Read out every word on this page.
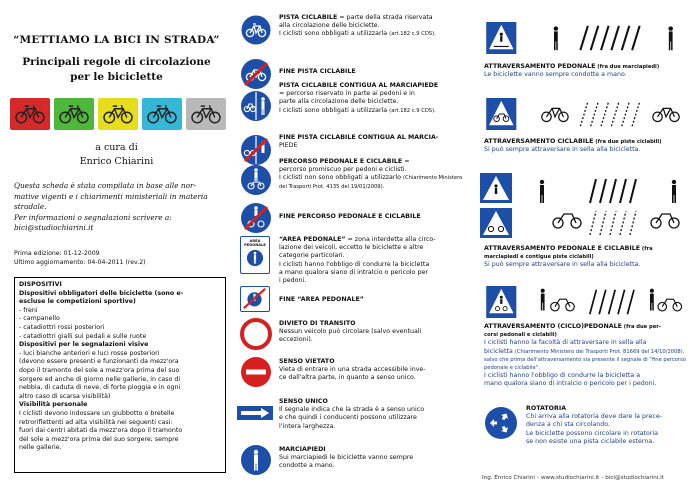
“METTIAMO LA BICI IN STRADA”
Principali regole di circolazione
per le biciclette
a cura di
Enrico Chiarini
Questa scheda è stata compilata in base alle nor-
mative vigenti e i chiarimenti ministeriali in materia
stradale.
Per informazioni o segnalazioni scrivere a:
bici@studiochiarini.it
Prima edizione: 01-12-2009
Ultimo aggiornamento: 04-04-2011 (rev.2)
DISPOSITIVI
Dispositivi obbligatori delle biciclette (sono e-
escluse le competizioni sportive)
- freni
- campanello
- catadiottri rossi posteriori
- catadiottri gialli sui pedali e sulle ruote
Dispositivi per le segnalazioni visive
- luci bianche anteriori e luci rosse posteriori
(devono essere presenti e funzionanti da mezz'ora
dopo il tramonto del sole a mezz'ora prima del suo
sorgere ed anche di giorno nelle gallerie, in caso di
nebbia, di caduta di neve, di forte pioggia e in ogni
altro caso di scarsa visibilità)
Visibilità personale
I ciclisti devono indossare un giubbotto o bretelle
retroriflettenti ad alta visibilità nei seguenti casi:
fuori dai centri abitati da mezz'ora dopo il tramonto
del sole a mezz'ora prima del suo sorgere; sempre
nelle gallerie.
PISTA CICLABILE = parte della strada riservata
alla circolazione delle biciclette.
I ciclisti sono obbligati a utilizzarla (art.182 c.9 CDS).
FINE PISTA CICLABILE
PISTA CICLABILE CONTIGUA AL MARCIAPIEDE
= percorso riservato in parte ai pedoni e in
parte alla circolazione delle biciclette.
I ciclisti sono obbligati a utilizzarla (art.182 c.9 CDS).
FINE PISTA CICLABILE CONTIGUA AL MARCIA-
PIEDE
PERCORSO PEDONALE E CICLABILE =
percorso promiscuo per pedoni e ciclisti.
I ciclisti non sono obbligati a utilizzarlo (Chiarimento Ministero dei Trasporti Prot. 4135 del 19/01/2009).
FINE PERCORSO PEDONALE E CICLABILE
AREA
PEDONALE
“AREA PEDONALE” = zona interdetta alla circo-
lazione dei veicoli, eccetto le biciclette e altre
categorie particolari.
I ciclisti hanno l'obbligo di condurre la bicicletta
a mano qualora siano di intralcio o pericolo per
i pedoni.
FINE “AREA PEDONALE”
DIVIETO DI TRANSITO
Nessun veicolo può circolare (salvo eventuali
eccezioni).
SENSO VIETATO
Vieta di entrare in una strada accessibile inve-
ce dall'altra parte, in quanto a senso unico.
SENSO UNICO
Il segnale indica che la strada è a senso unico
e che quindi i conducenti possono utilizzare
l'intera larghezza.
MARCIAPIEDI
Sui marciapiedi le biciclette vanno sempre
condotte a mano.
ATTRAVERSAMENTO PEDONALE (fra due marciapiedi)
Le biciclette vanno sempre condotte a mano.
ATTRAVERSAMENTO CICLABILE (fra due piste ciclabili)
Si può sempre attraversare in sella alla bicicletta.
ATTRAVERSAMENTO PEDONALE E CICLABILE (fra
marciapiedi e contigue piste ciclabili)
Si può sempre attraversare in sella alla bicicletta.
ATTRAVERSAMENTO (CICLO)PEDONALE (fra due per-
corsi pedonali e ciclabili)
I ciclisti hanno la facoltà di attraversare in sella alla
bicicletta (Chiarimento Ministero dei Trasporti Prot. 81669 del 14/10/2008), salvo che prima dell'attraversamento sia presente il segnale di “fine percorso pedonale e ciclabile”.
I ciclisti hanno l'obbligo di condurre la bicicletta a
mano qualora siano di intralcio o pericolo per i pedoni.
ROTATORIA
Chi arriva alla rotatoria deve dare la prece-
denza a chi sta circolando.
Le biciclette possono circolare in rotatoria
se non esiste una pista ciclabile esterna.
Ing. Enrico Chiarini - www.studiochiarini.it - bici@studiochiarini.it
